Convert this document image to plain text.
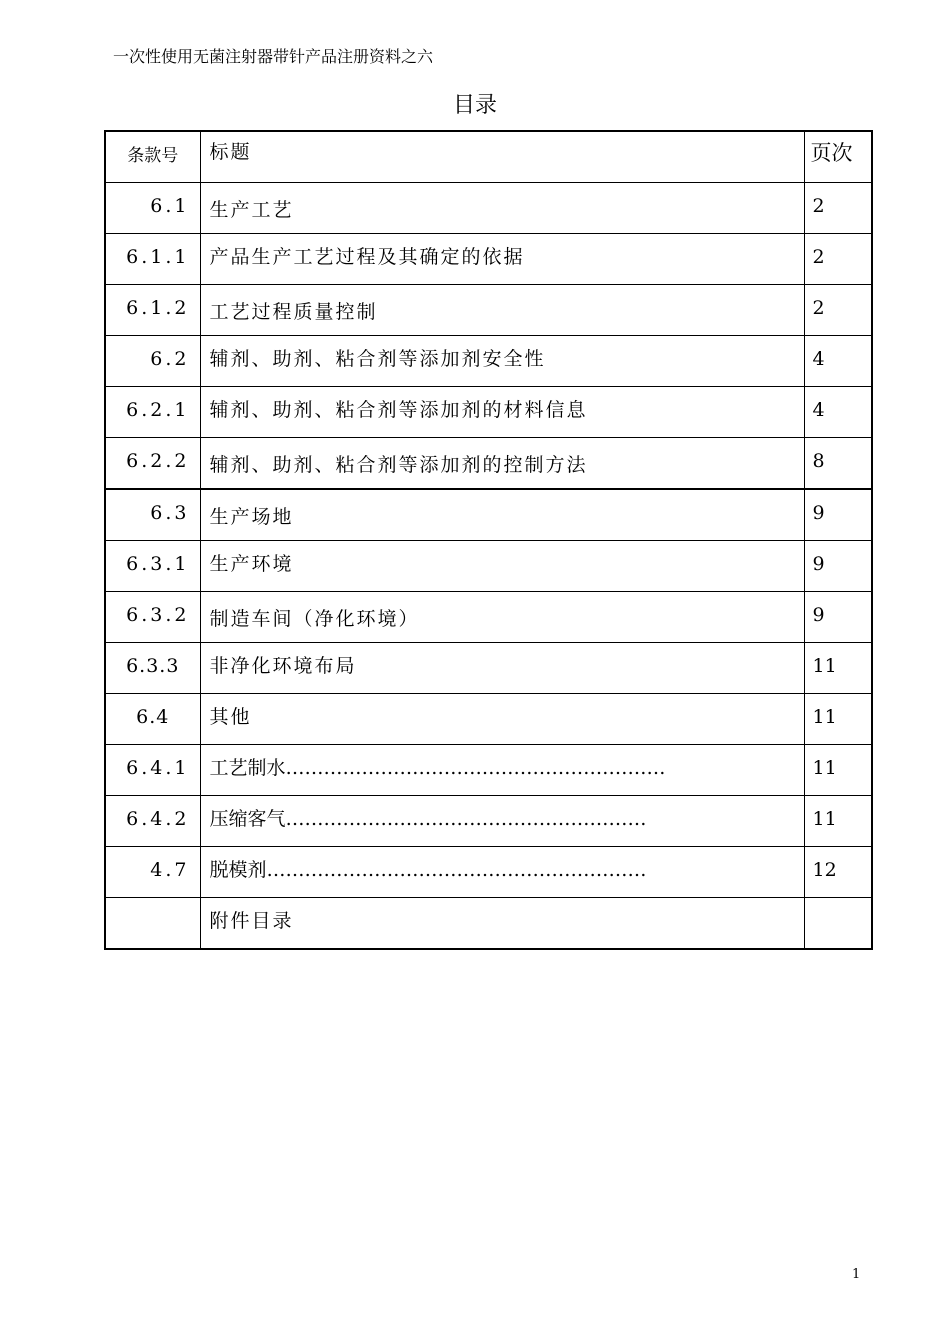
一次性使用无菌注射器带针产品注册资料之六
目录
条款号	标题	页次
6.1	生产工艺	2
6.1.1	产品生产工艺过程及其确定的依据	2
6.1.2	工艺过程质量控制	2
6.2	辅剂、助剂、粘合剂等添加剂安全性	4
6.2.1	辅剂、助剂、粘合剂等添加剂的材料信息	4
6.2.2	辅剂、助剂、粘合剂等添加剂的控制方法	8
6.3	生产场地	9
6.3.1	生产环境	9
6.3.2	制造车间（净化环境）	9
6.3.3	非净化环境布局	11
6.4	其他	11
6.4.1	工艺制水……………………………………………………	11
6.4.2	压缩客气…………………………………………………	11
4.7	脱模剂……………………………………………………	12
	附件目录	
1
